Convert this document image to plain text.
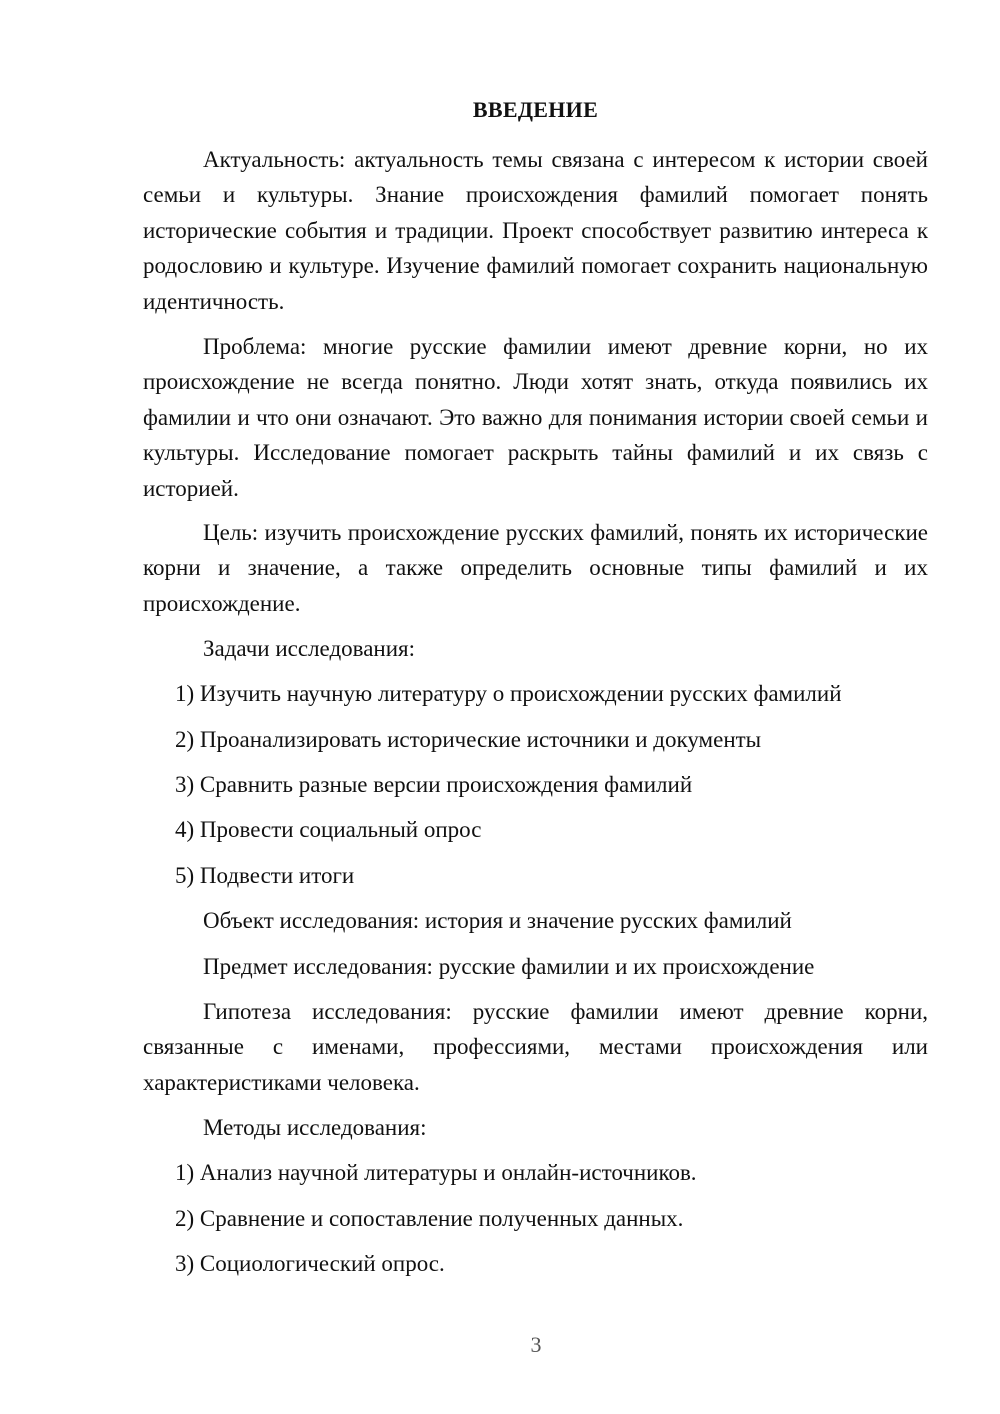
ВВЕДЕНИЕ

Актуальность: актуальность темы связана с интересом к истории своей семьи и культуры. Знание происхождения фамилий помогает понять исторические события и традиции. Проект способствует развитию интереса к родословию и культуре. Изучение фамилий помогает сохранить национальную идентичность.

Проблема: многие русские фамилии имеют древние корни, но их происхождение не всегда понятно. Люди хотят знать, откуда появились их фамилии и что они означают. Это важно для понимания истории своей семьи и культуры. Исследование помогает раскрыть тайны фамилий и их связь с историей.

Цель: изучить происхождение русских фамилий, понять их исторические корни и значение, а также определить основные типы фамилий и их происхождение.

Задачи исследования:

1) Изучить научную литературу о происхождении русских фамилий

2) Проанализировать исторические источники и документы

3) Сравнить разные версии происхождения фамилий

4) Провести социальный опрос

5) Подвести итоги

Объект исследования: история и значение русских фамилий

Предмет исследования: русские фамилии и их происхождение

Гипотеза исследования: русские фамилии имеют древние корни, связанные с именами, профессиями, местами происхождения или характеристиками человека.

Методы исследования:

1) Анализ научной литературы и онлайн-источников.

2) Сравнение и сопоставление полученных данных.

3) Социологический опрос.

3
